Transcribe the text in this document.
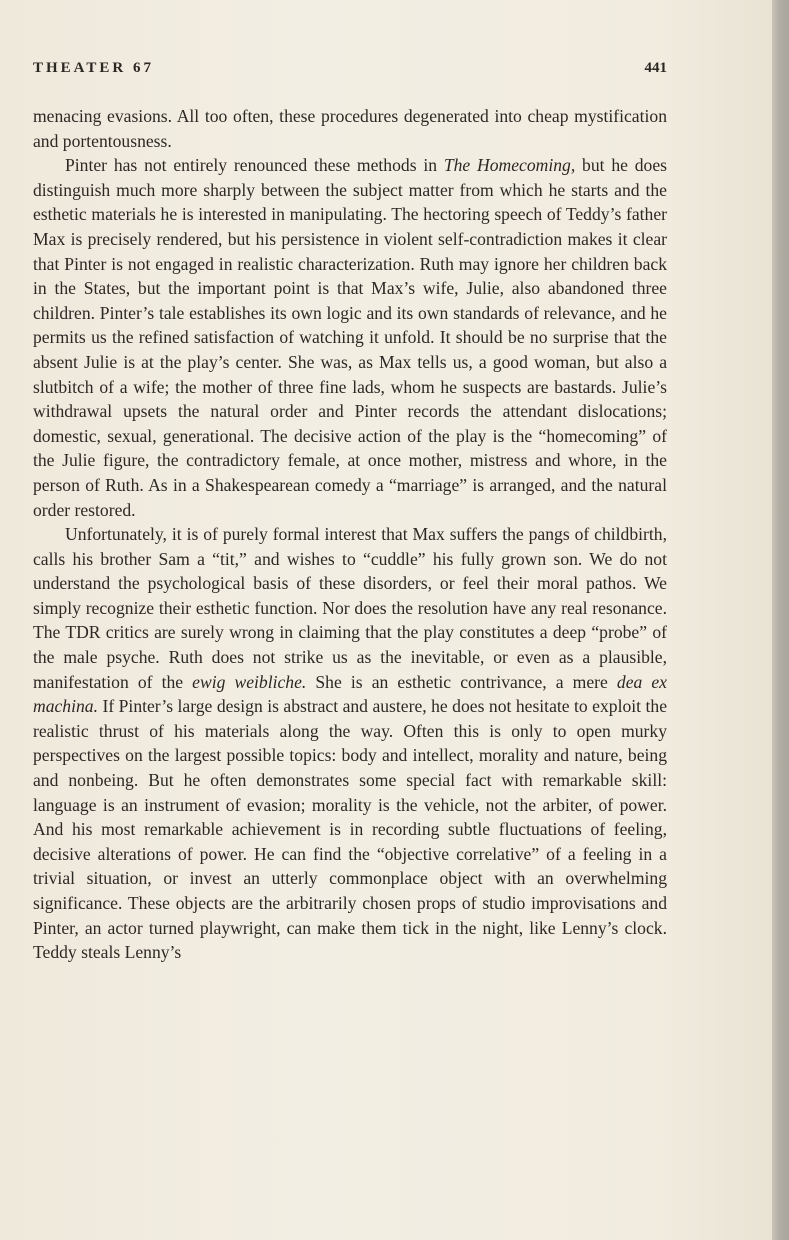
THEATER 67	441

menacing evasions. All too often, these procedures degenerated into cheap mystification and portentousness.

Pinter has not entirely renounced these methods in The Homecoming, but he does distinguish much more sharply between the subject matter from which he starts and the esthetic materials he is interested in manipulating. The hectoring speech of Teddy’s father Max is precisely rendered, but his persistence in violent self-contradiction makes it clear that Pinter is not engaged in realistic characterization. Ruth may ignore her children back in the States, but the important point is that Max’s wife, Julie, also abandoned three children. Pinter’s tale establishes its own logic and its own standards of relevance, and he permits us the refined satisfaction of watching it unfold. It should be no surprise that the absent Julie is at the play’s center. She was, as Max tells us, a good woman, but also a slutbitch of a wife; the mother of three fine lads, whom he suspects are bastards. Julie’s withdrawal upsets the natural order and Pinter records the attendant dislocations; domestic, sexual, generational. The decisive action of the play is the “homecoming” of the Julie figure, the contradictory female, at once mother, mistress and whore, in the person of Ruth. As in a Shakespearean comedy a “marriage” is arranged, and the natural order restored.

Unfortunately, it is of purely formal interest that Max suffers the pangs of childbirth, calls his brother Sam a “tit,” and wishes to “cuddle” his fully grown son. We do not understand the psychological basis of these disorders, or feel their moral pathos. We simply recognize their esthetic function. Nor does the resolution have any real resonance. The TDR critics are surely wrong in claiming that the play constitutes a deep “probe” of the male psyche. Ruth does not strike us as the inevitable, or even as a plausible, manifestation of the ewig weibliche. She is an esthetic contrivance, a mere dea ex machina. If Pinter’s large design is abstract and austere, he does not hesitate to exploit the realistic thrust of his materials along the way. Often this is only to open murky perspectives on the largest possible topics: body and intellect, morality and nature, being and nonbeing. But he often demonstrates some special fact with remarkable skill: language is an instrument of evasion; morality is the vehicle, not the arbiter, of power. And his most remarkable achievement is in recording subtle fluctuations of feeling, decisive alterations of power. He can find the “objective correlative” of a feeling in a trivial situation, or invest an utterly commonplace object with an overwhelming significance. These objects are the arbitrarily chosen props of studio improvisations and Pinter, an actor turned playwright, can make them tick in the night, like Lenny’s clock. Teddy steals Lenny’s
